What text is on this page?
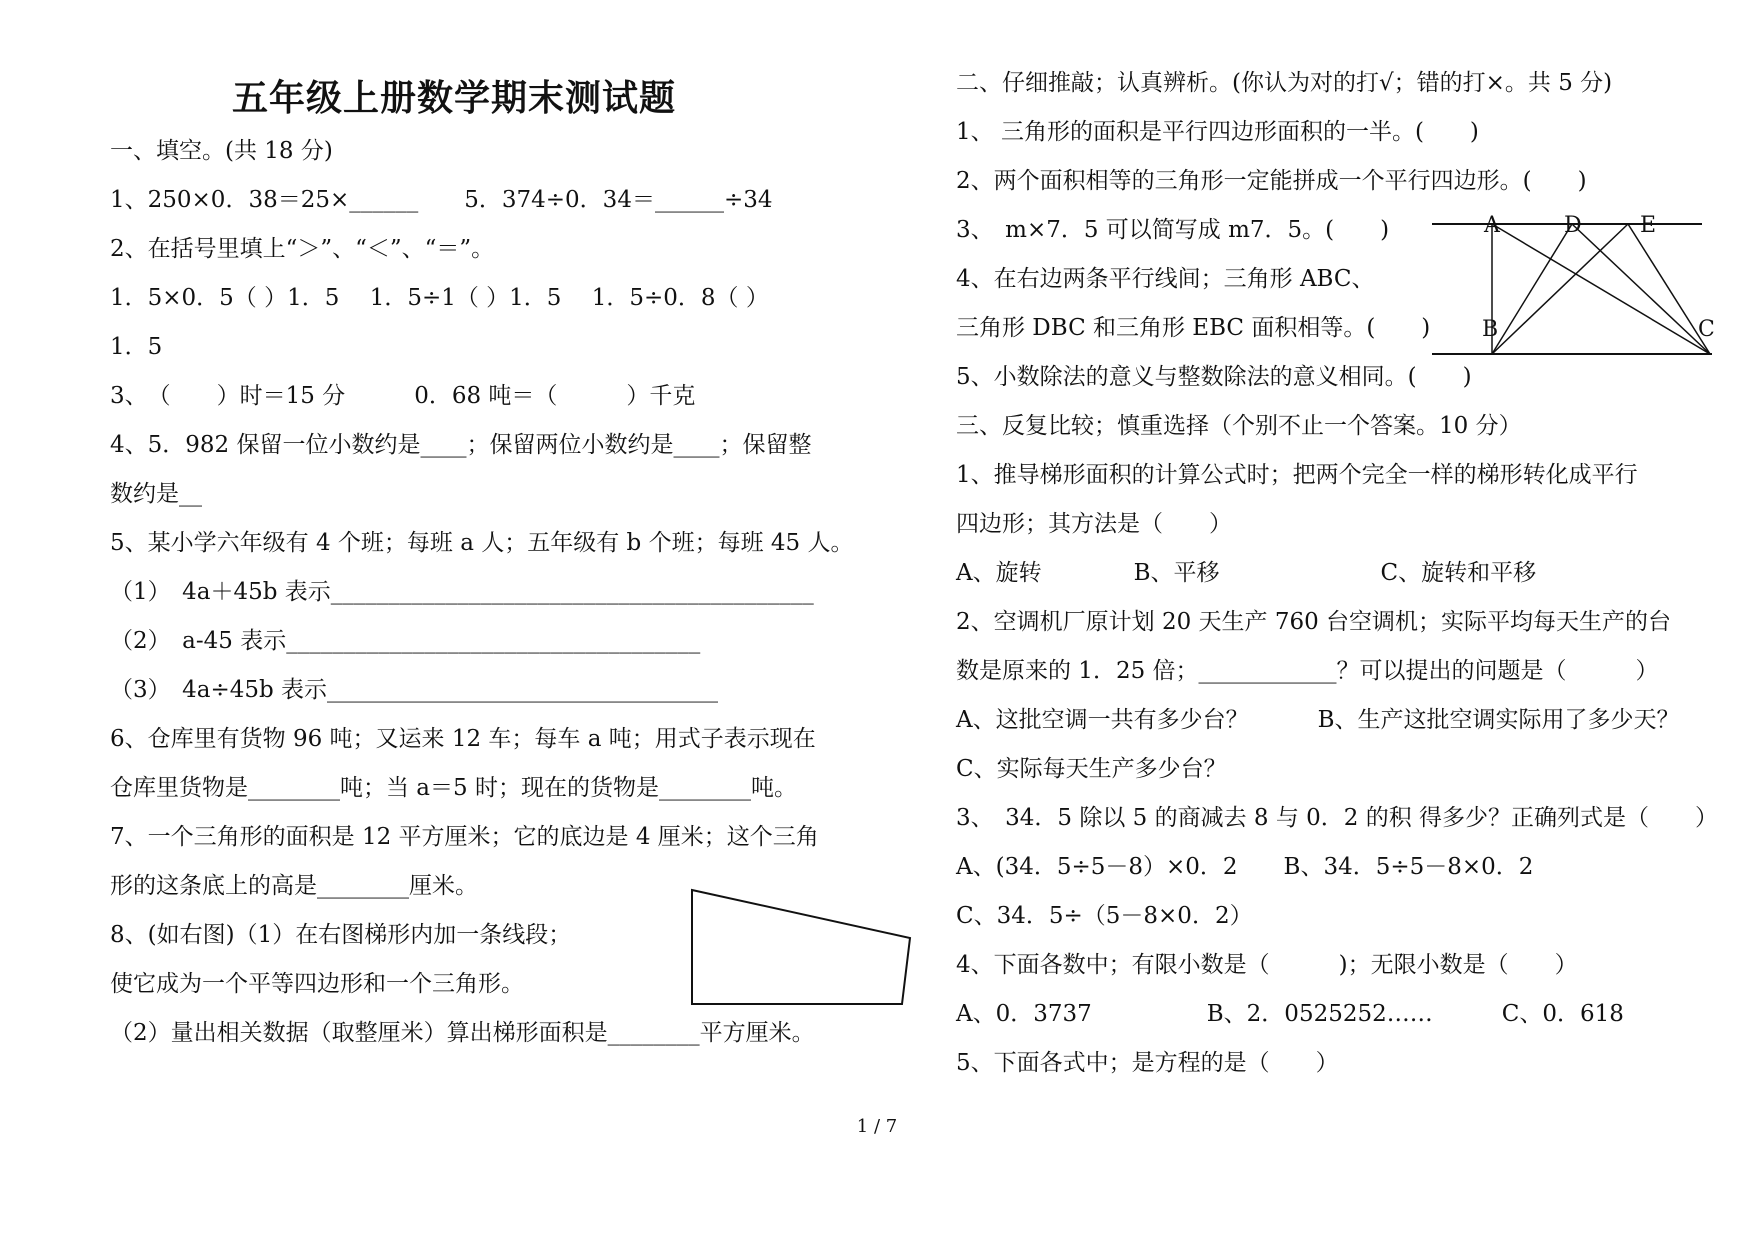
五年级上册数学期末测试题
一、填空。(共 18 分)
1、250×0．38＝25×______　　5．374÷0．34＝______÷34
2、在括号里填上“＞”、“＜”、“＝”。
1．5×0．5（ ）1．5　 1．5÷1（ ）1．5　 1．5÷0．8（ ）
1．5
3、　（　　）时＝15 分　　　0．68 吨＝（　　　）千克
4、5．982 保留一位小数约是____；保留两位小数约是____；保留整
数约是__
5、某小学六年级有 4 个班；每班 a 人；五年级有 b 个班；每班 45 人。
（1）　4a＋45b 表示__________________________________________
（2）　a-45 表示____________________________________
（3）　4a÷45b 表示__________________________________
6、仓库里有货物 96 吨；又运来 12 车；每车 a 吨；用式子表示现在
仓库里货物是________吨；当 a＝5 时；现在的货物是________吨。
7、一个三角形的面积是 12 平方厘米；它的底边是 4 厘米；这个三角
形的这条底上的高是________厘米。
8、(如右图)（1）在右图梯形内加一条线段；
使它成为一个平等四边形和一个三角形。
（2）量出相关数据（取整厘米）算出梯形面积是________平方厘米。
二、仔细推敲；认真辨析。(你认为对的打√；错的打×。共 5 分)
1、 三角形的面积是平行四边形面积的一半。(　　)
2、两个面积相等的三角形一定能拼成一个平行四边形。(　　)
3、　m×7．5 可以简写成 m7．5。(　　)
4、在右边两条平行线间；三角形 ABC、
三角形 DBC 和三角形 EBC 面积相等。(　　)
5、小数除法的意义与整数除法的意义相同。(　　)
三、反复比较；慎重选择（个别不止一个答案。10 分）
1、推导梯形面积的计算公式时；把两个完全一样的梯形转化成平行
四边形；其方法是（　　）
A、旋转　　　　B、平移　　　　　　　C、旋转和平移
2、空调机厂原计划 20 天生产 760 台空调机；实际平均每天生产的台
数是原来的 1．25 倍；____________？可以提出的问题是（　　　）
A、这批空调一共有多少台？　　　B、生产这批空调实际用了多少天？
C、实际每天生产多少台？
3、　34．5 除以 5 的商减去 8 与 0．2 的积 得多少？正确列式是（　　）
A、(34．5÷5－8）×0．2　　B、34．5÷5－8×0．2
C、34．5÷（5－8×0．2）
4、下面各数中；有限小数是（　　　)；无限小数是（　　）
A、0．3737　　　　　B、2．0525252……　　　C、0．618
5、下面各式中；是方程的是（　　）
A	D	E
B	C
1 / 7
